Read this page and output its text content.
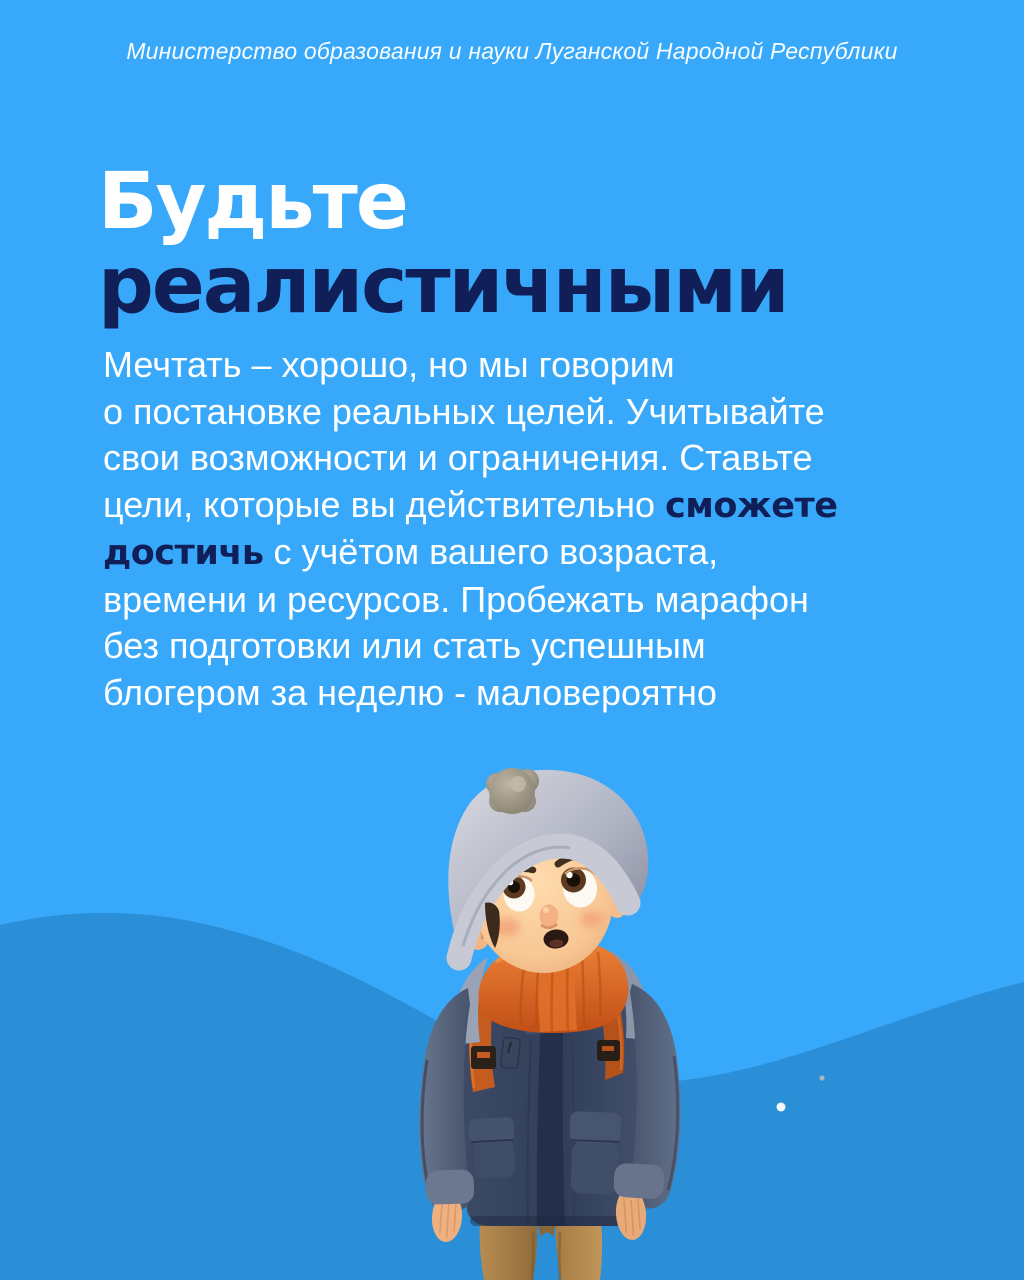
Министерство образования и науки Луганской Народной Республики
Будьте
реалистичными
Мечтать – хорошо, но мы говорим
о постановке реальных целей. Учитывайте
свои возможности и ограничения. Ставьте
цели, которые вы действительно сможете
достичь с учётом вашего возраста,
времени и ресурсов. Пробежать марафон
без подготовки или стать успешным
блогером за неделю - маловероятно
